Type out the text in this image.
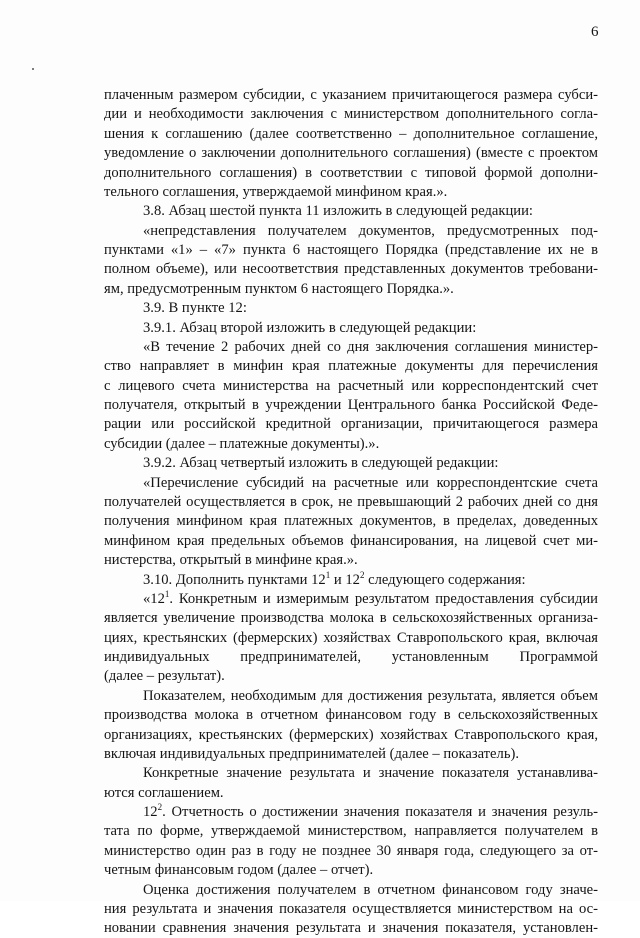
6
плаченным размером субсидии, с указанием причитающегося размера субси-
дии и необходимости заключения с министерством дополнительного согла-
шения к соглашению (далее соответственно – дополнительное соглашение,
уведомление о заключении дополнительного соглашения) (вместе с проектом
дополнительного соглашения) в соответствии с типовой формой дополни-
тельного соглашения, утверждаемой минфином края.».
3.8. Абзац шестой пункта 11 изложить в следующей редакции:
«непредставления получателем документов, предусмотренных под-
пунктами «1» – «7» пункта 6 настоящего Порядка (представление их не в
полном объеме), или несоответствия представленных документов требовани-
ям, предусмотренным пунктом 6 настоящего Порядка.».
3.9. В пункте 12:
3.9.1. Абзац второй изложить в следующей редакции:
«В течение 2 рабочих дней со дня заключения соглашения министер-
ство направляет в минфин края платежные документы для перечисления
с лицевого счета министерства на расчетный или корреспондентский счет
получателя, открытый в учреждении Центрального банка Российской Феде-
рации или российской кредитной организации, причитающегося размера
субсидии (далее – платежные документы).».
3.9.2. Абзац четвертый изложить в следующей редакции:
«Перечисление субсидий на расчетные или корреспондентские счета
получателей осуществляется в срок, не превышающий 2 рабочих дней со дня
получения минфином края платежных документов, в пределах, доведенных
минфином края предельных объемов финансирования, на лицевой счет ми-
нистерства, открытый в минфине края.».
3.10. Дополнить пунктами $12^1$ и $12^2$ следующего содержания:
«$12^1$. Конкретным и измеримым результатом предоставления субсидии
является увеличение производства молока в сельскохозяйственных организа-
циях, крестьянских (фермерских) хозяйствах Ставропольского края, включая
индивидуальных предпринимателей, установленным Программой
(далее – результат).
Показателем, необходимым для достижения результата, является объем
производства молока в отчетном финансовом году в сельскохозяйственных
организациях, крестьянских (фермерских) хозяйствах Ставропольского края,
включая индивидуальных предпринимателей (далее – показатель).
Конкретные значение результата и значение показателя устанавлива-
ются соглашением.
$12^2$. Отчетность о достижении значения показателя и значения резуль-
тата по форме, утверждаемой министерством, направляется получателем в
министерство один раз в году не позднее 30 января года, следующего за от-
четным финансовым годом (далее – отчет).
Оценка достижения получателем в отчетном финансовом году значе-
ния результата и значения показателя осуществляется министерством на ос-
новании сравнения значения результата и значения показателя, установлен-
